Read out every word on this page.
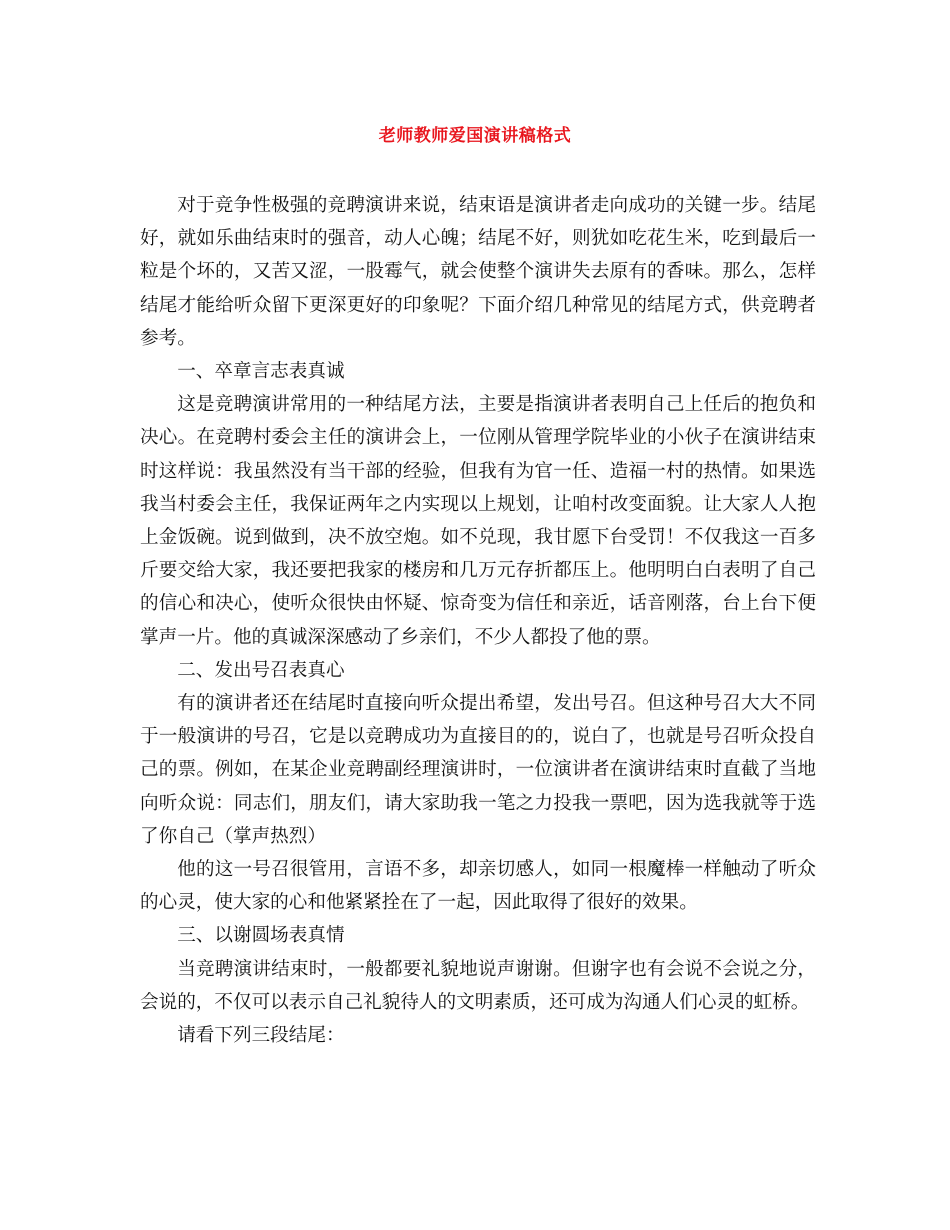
老师教师爱国演讲稿格式

对于竞争性极强的竞聘演讲来说，结束语是演讲者走向成功的关键一步。结尾好，就如乐曲结束时的强音，动人心魄；结尾不好，则犹如吃花生米，吃到最后一粒是个坏的，又苦又涩，一股霉气，就会使整个演讲失去原有的香味。那么，怎样结尾才能给听众留下更深更好的印象呢？下面介绍几种常见的结尾方式，供竞聘者参考。

一、卒章言志表真诚

这是竞聘演讲常用的一种结尾方法，主要是指演讲者表明自己上任后的抱负和决心。在竞聘村委会主任的演讲会上，一位刚从管理学院毕业的小伙子在演讲结束时这样说：我虽然没有当干部的经验，但我有为官一任、造福一村的热情。如果选我当村委会主任，我保证两年之内实现以上规划，让咱村改变面貌。让大家人人抱上金饭碗。说到做到，决不放空炮。如不兑现，我甘愿下台受罚！不仅我这一百多斤要交给大家，我还要把我家的楼房和几万元存折都压上。他明明白白表明了自己的信心和决心，使听众很快由怀疑、惊奇变为信任和亲近，话音刚落，台上台下便掌声一片。他的真诚深深感动了乡亲们，不少人都投了他的票。

二、发出号召表真心

有的演讲者还在结尾时直接向听众提出希望，发出号召。但这种号召大大不同于一般演讲的号召，它是以竞聘成功为直接目的的，说白了，也就是号召听众投自己的票。例如，在某企业竞聘副经理演讲时，一位演讲者在演讲结束时直截了当地向听众说：同志们，朋友们，请大家助我一笔之力投我一票吧，因为选我就等于选了你自己（掌声热烈）

他的这一号召很管用，言语不多，却亲切感人，如同一根魔棒一样触动了听众的心灵，使大家的心和他紧紧拴在了一起，因此取得了很好的效果。

三、以谢圆场表真情

当竞聘演讲结束时，一般都要礼貌地说声谢谢。但谢字也有会说不会说之分，会说的，不仅可以表示自己礼貌待人的文明素质，还可成为沟通人们心灵的虹桥。

请看下列三段结尾：
